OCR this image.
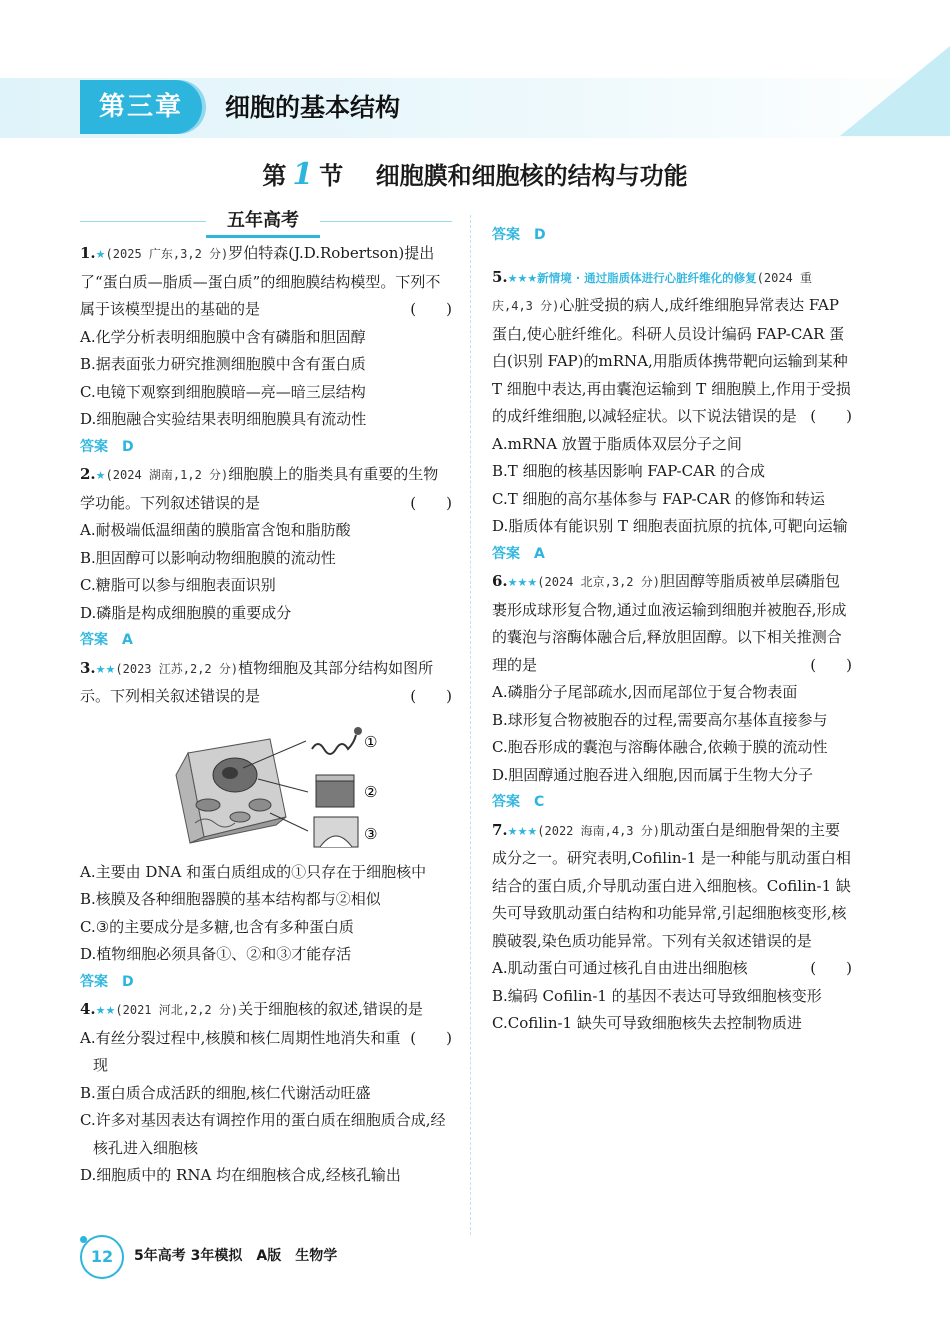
第三章	细胞的基本结构
第 1 节 细胞膜和细胞核的结构与功能
五年高考

1.★(2025 广东,3,2 分)罗伯特森(J.D.Robertson)提出了“蛋白质—脂质—蛋白质”的细胞膜结构模型。下列不属于该模型提出的基础的是	(　　)

A.化学分析表明细胞膜中含有磷脂和胆固醇

B.据表面张力研究推测细胞膜中含有蛋白质

C.电镜下观察到细胞膜暗—亮—暗三层结构

D.细胞融合实验结果表明细胞膜具有流动性

答案 D

2.★(2024 湖南,1,2 分)细胞膜上的脂类具有重要的生物学功能。下列叙述错误的是	(　　)

A.耐极端低温细菌的膜脂富含饱和脂肪酸

B.胆固醇可以影响动物细胞膜的流动性

C.糖脂可以参与细胞表面识别

D.磷脂是构成细胞膜的重要成分

答案 A

3.★★(2023 江苏,2,2 分)植物细胞及其部分结构如图所示。下列相关叙述错误的是	(　　)

①
②
③

A.主要由 DNA 和蛋白质组成的①只存在于细胞核中

B.核膜及各种细胞器膜的基本结构都与②相似

C.③的主要成分是多糖,也含有多种蛋白质

D.植物细胞必须具备①、②和③才能存活

答案 D

4.★★(2021 河北,2,2 分)关于细胞核的叙述,错误的是
(　　)

A.有丝分裂过程中,核膜和核仁周期性地消失和重现

B.蛋白质合成活跃的细胞,核仁代谢活动旺盛

C.许多对基因表达有调控作用的蛋白质在细胞质合成,经核孔进入细胞核

D.细胞质中的 RNA 均在细胞核合成,经核孔输出

答案 D

5.★★★新情境 · 通过脂质体进行心脏纤维化的修复(2024 重庆,4,3 分)心脏受损的病人,成纤维细胞异常表达 FAP 蛋白,使心脏纤维化。科研人员设计编码 FAP-CAR 蛋白(识别 FAP)的mRNA,用脂质体携带靶向运输到某种 T 细胞中表达,再由囊泡运输到 T 细胞膜上,作用于受损的成纤维细胞,以减轻症状。以下说法错误的是 (　　)

A.mRNA 放置于脂质体双层分子之间

B.T 细胞的核基因影响 FAP-CAR 的合成

C.T 细胞的高尔基体参与 FAP-CAR 的修饰和转运

D.脂质体有能识别 T 细胞表面抗原的抗体,可靶向运输

答案 A

6.★★★(2024 北京,3,2 分)胆固醇等脂质被单层磷脂包裹形成球形复合物,通过血液运输到细胞并被胞吞,形成的囊泡与溶酶体融合后,释放胆固醇。以下相关推测合理的是	(　　)

A.磷脂分子尾部疏水,因而尾部位于复合物表面

B.球形复合物被胞吞的过程,需要高尔基体直接参与

C.胞吞形成的囊泡与溶酶体融合,依赖于膜的流动性

D.胆固醇通过胞吞进入细胞,因而属于生物大分子

答案 C

7.★★★(2022 海南,4,3 分)肌动蛋白是细胞骨架的主要成分之一。研究表明,Cofilin-1 是一种能与肌动蛋白相结合的蛋白质,介导肌动蛋白进入细胞核。Cofilin-1 缺失可导致肌动蛋白结构和功能异常,引起细胞核变形,核膜破裂,染色质功能异常。下列有关叙述错误的是
(　　)

A.肌动蛋白可通过核孔自由进出细胞核

B.编码 Cofilin-1 的基因不表达可导致细胞核变形

C.Cofilin-1 缺失可导致细胞核失去控制物质进

12	5年高考 3年模拟　A版　生物学
